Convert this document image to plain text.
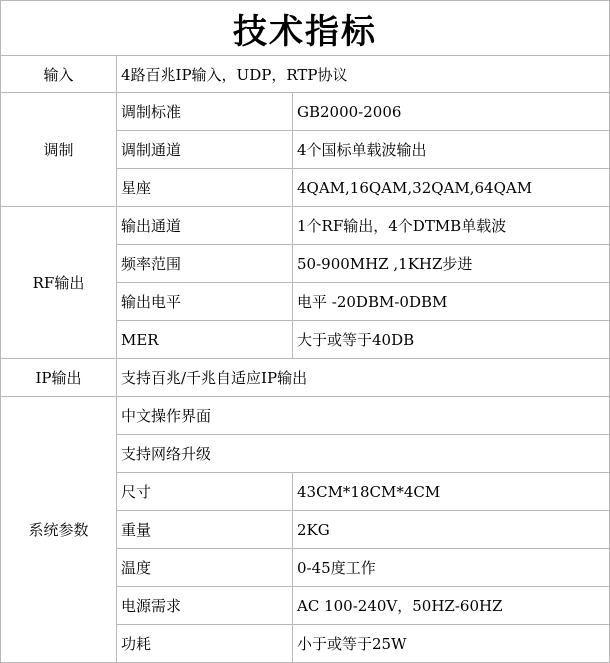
技术指标		
输入	4路百兆IP输入，UDP，RTP协议	
调制	调制标准	GB2000-2006
	调制通道	4个国标单载波输出
	星座	4QAM,16QAM,32QAM,64QAM
RF输出	输出通道	1个RF输出，4个DTMB单载波
	频率范围	50-900MHZ ,1KHZ步进
	输出电平	电平 -20DBM-0DBM
	MER	大于或等于40DB
IP输出	支持百兆/千兆自适应IP输出	
系统参数	中文操作界面	
	支持网络升级	
	尺寸	43CM*18CM*4CM
	重量	2KG
	温度	0-45度工作
	电源需求	AC 100-240V，50HZ-60HZ
	功耗	小于或等于25W
